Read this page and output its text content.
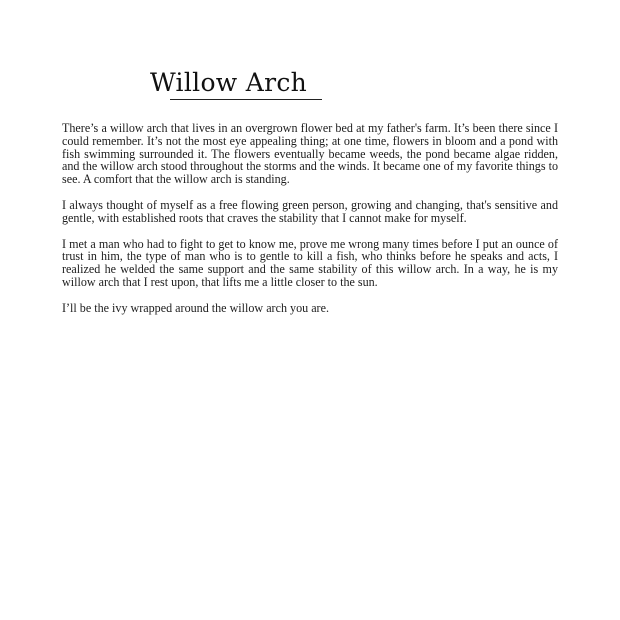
Willow Arch

There’s a willow arch that lives in an overgrown flower bed at my father's farm. It’s been there since I could remember. It’s not the most eye appealing thing; at one time, flowers in bloom and a pond with fish swimming surrounded it. The flowers eventually became weeds, the pond became algae ridden, and the willow arch stood throughout the storms and the winds. It became one of my favorite things to see. A comfort that the willow arch is standing.

I always thought of myself as a free flowing green person, growing and changing, that's sensitive and gentle, with established roots that craves the stability that I cannot make for myself.

I met a man who had to fight to get to know me, prove me wrong many times before I put an ounce of trust in him, the type of man who is to gentle to kill a fish, who thinks before he speaks and acts, I realized he welded the same support and the same stability of this willow arch. In a way, he is my willow arch that I rest upon, that lifts me a little closer to the sun.

I’ll be the ivy wrapped around the willow arch you are.
